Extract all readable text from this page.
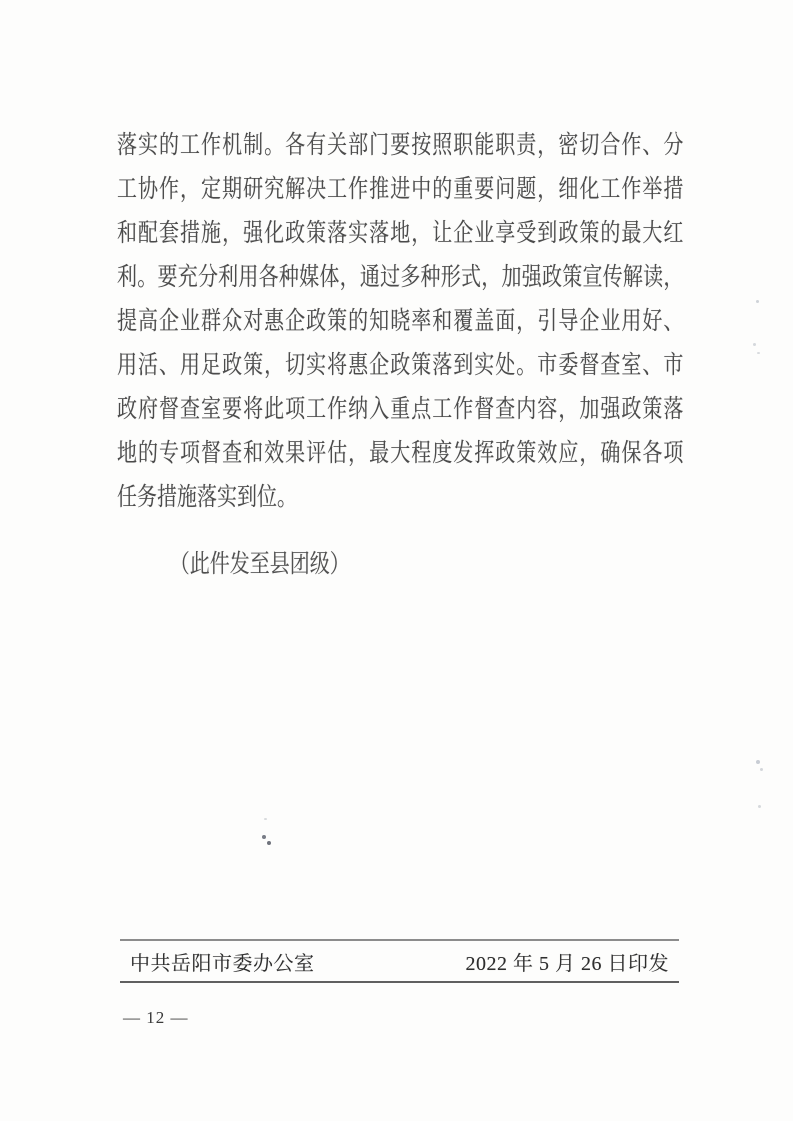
落实的工作机制。各有关部门要按照职能职责，密切合作、分

工协作，定期研究解决工作推进中的重要问题，细化工作举措

和配套措施，强化政策落实落地，让企业享受到政策的最大红

利。要充分利用各种媒体，通过多种形式，加强政策宣传解读，

提高企业群众对惠企政策的知晓率和覆盖面，引导企业用好、

用活、用足政策，切实将惠企政策落到实处。市委督查室、市

政府督查室要将此项工作纳入重点工作督查内容，加强政策落

地的专项督查和效果评估，最大程度发挥政策效应，确保各项

任务措施落实到位。

（此件发至县团级）

中共岳阳市委办公室	2022 年 5 月 26 日印发
— 12 —
